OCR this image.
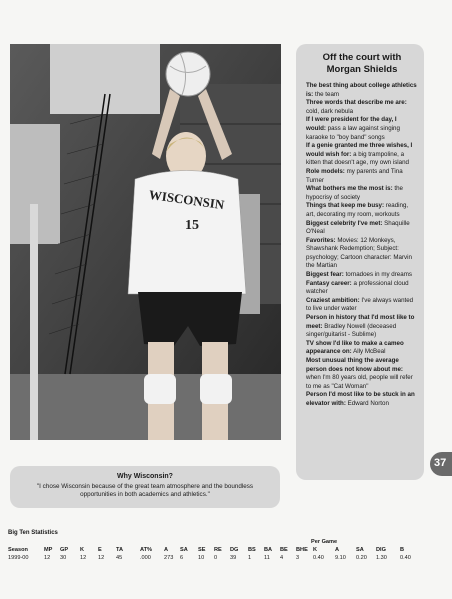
WISCONSIN
15
Off the court with
Morgan Shields

The best thing about college athletics is: the team

Three words that describe me are: cold, dark nebula

If I were president for the day, I would: pass a law against singing karaoke to "boy band" songs

If a genie granted me three wishes, I would wish for: a big trampoline, a kitten that doesn't age, my own island

Role models: my parents and Tina Turner

What bothers me the most is: the hypocrisy of society

Things that keep me busy: reading, art, decorating my room, workouts

Biggest celebrity I've met: Shaquille O'Neal

Favorites: Movies: 12 Monkeys, Shawshank Redemption; Subject: psychology; Cartoon character: Marvin the Martian

Biggest fear: tornadoes in my dreams

Fantasy career: a professional cloud watcher

Craziest ambition: I've always wanted to live under water

Person in history that I'd most like to meet: Bradley Nowell (deceased singer/guitarist - Sublime)

TV show I'd like to make a cameo appearance on: Ally McBeal

Most unusual thing the average person does not know about me: when I'm 80 years old, people will refer to me as "Cat Woman"

Person I'd most like to be stuck in an elevator with: Edward Norton

37
Why Wisconsin?
"I chose Wisconsin because of the great team atmosphere and the boundless opportunities in both academics and athletics."
Big Ten Statistics
Per Game
Season	MP GP K E	TA	AT% A SA SE RE DG BS BA BE BHE K	A	SA DIG	B
1999-00	12 30 12 12 45	.000 273 6	10 0 39 1 11 4 3 0.40 9.10 0.20 1.30 0.40
